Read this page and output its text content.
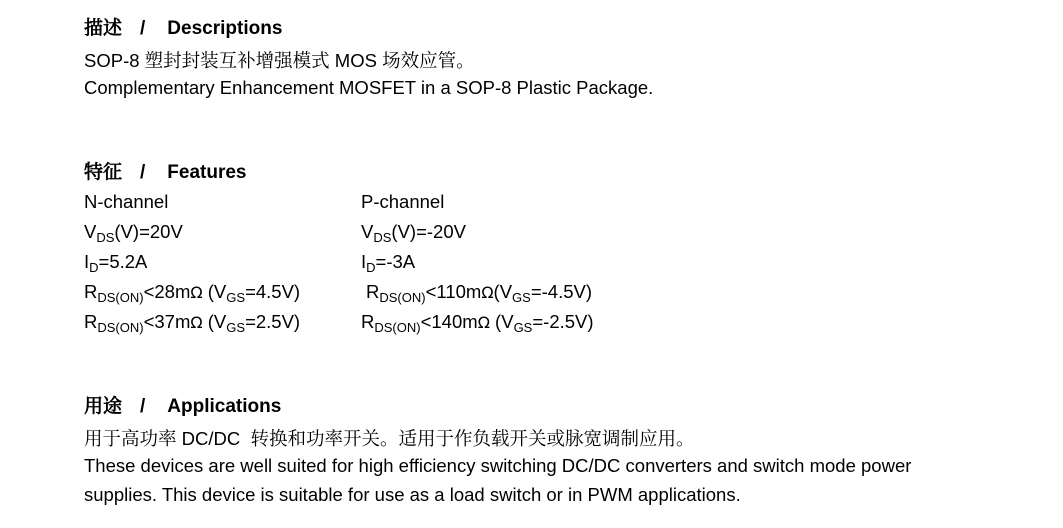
描述 / Descriptions
SOP-8 塑封封装互补增强模式 MOS 场效应管。
Complementary Enhancement MOSFET in a SOP-8 Plastic Package.
特征 / Features
N-channel
$V_{DS}(V)=20V$
$I_D=5.2A$
$R_{DS(ON)}<28m\Omega$ $(V_{GS}=4.5V)$
$R_{DS(ON)}<37m\Omega$ $(V_{GS}=2.5V)$
P-channel
$V_{DS}(V)=-20V$
$I_D=-3A$
$R_{DS(ON)}<110m\Omega(V_{GS}=-4.5V)$
$R_{DS(ON)}<140m\Omega$ $(V_{GS}=-2.5V)$
用途 / Applications
用于高功率 DC/DC  转换和功率开关。适用于作负载开关或脉宽调制应用。
These devices are well suited for high efficiency switching DC/DC converters and switch mode power
supplies. This device is suitable for use as a load switch or in PWM applications.
